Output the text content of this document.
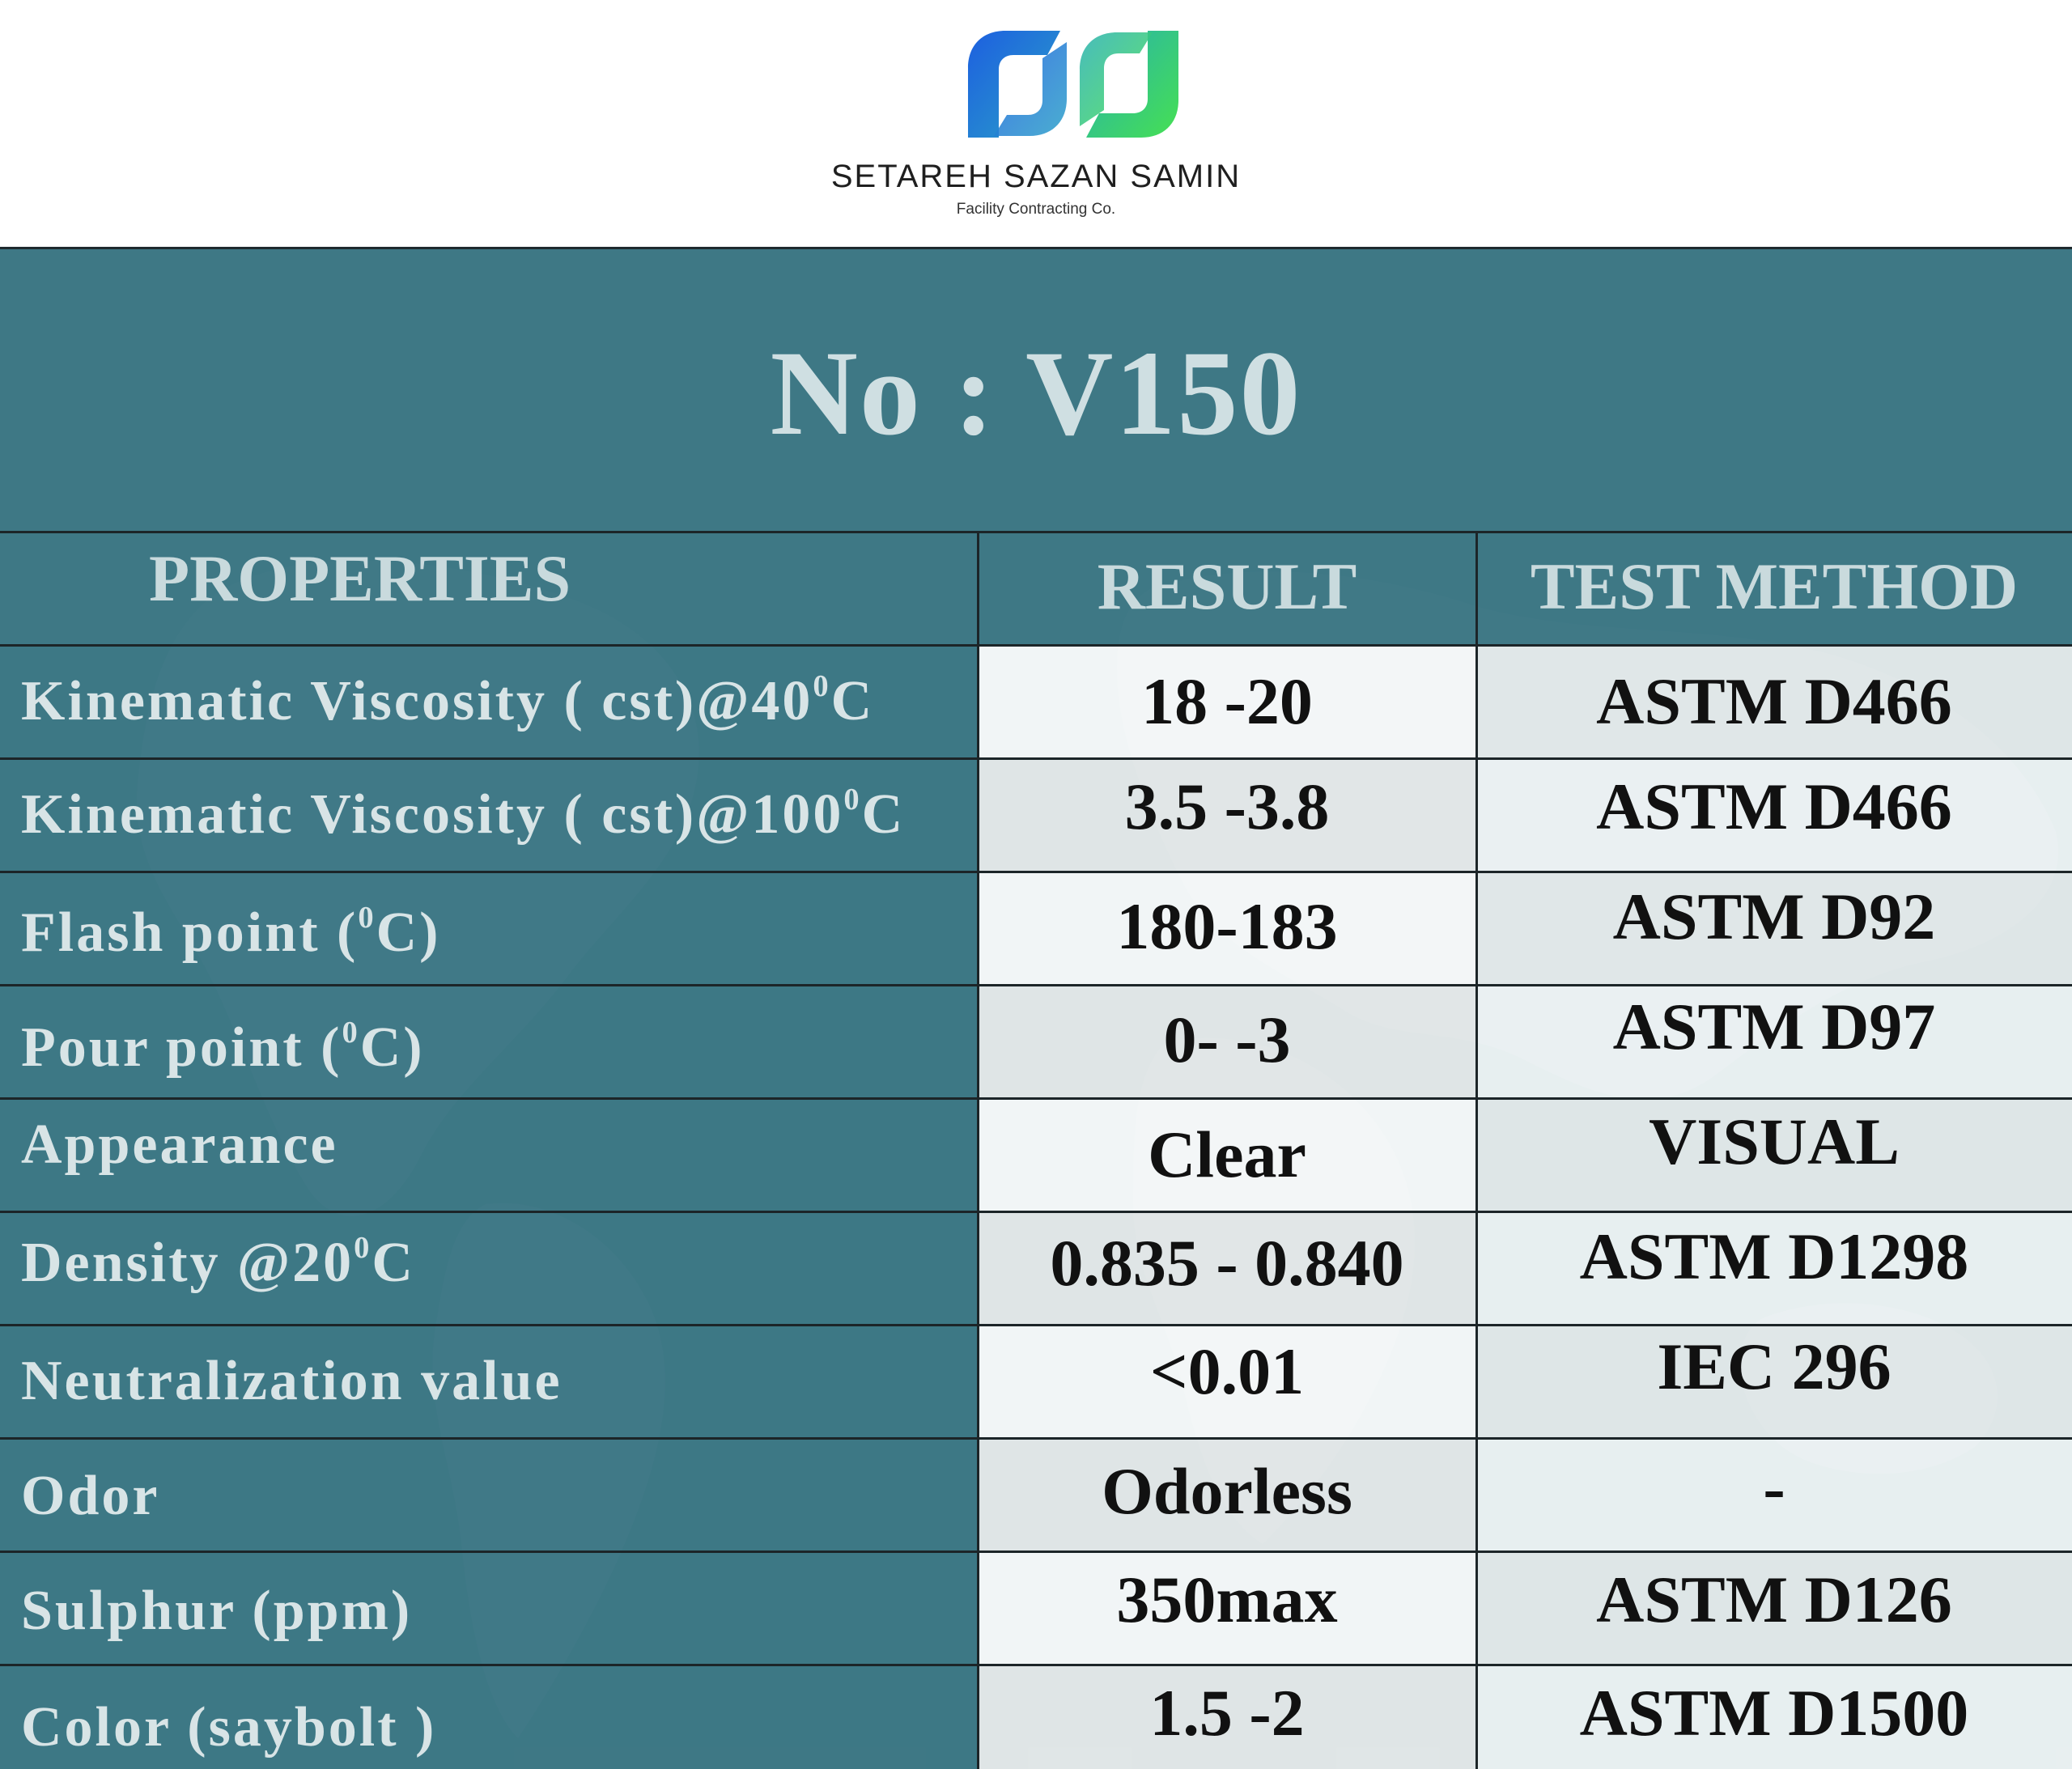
SETAREH SAZAN SAMIN
Facility Contracting Co.
No : V150
PROPERTIES	RESULT	TEST METHOD
Kinematic Viscosity ( $cst)@40^0C$	18 -20	ASTM D466
Kinematic Viscosity ( $cst)@100^0C$	3.5 -3.8	ASTM D466
Flash point ($^0$C)	180-183	ASTM D92
Pour point ($^0$C)	0- -3	ASTM D97
Appearance	Clear	VISUAL
Density $@20^0C$	0.835 - 0.840	ASTM D1298
Neutralization value	<0.01	IEC 296
Odor	Odorless	-
Sulphur (ppm)	350max	ASTM D126
Color (saybolt )	1.5 -2	ASTM D1500
